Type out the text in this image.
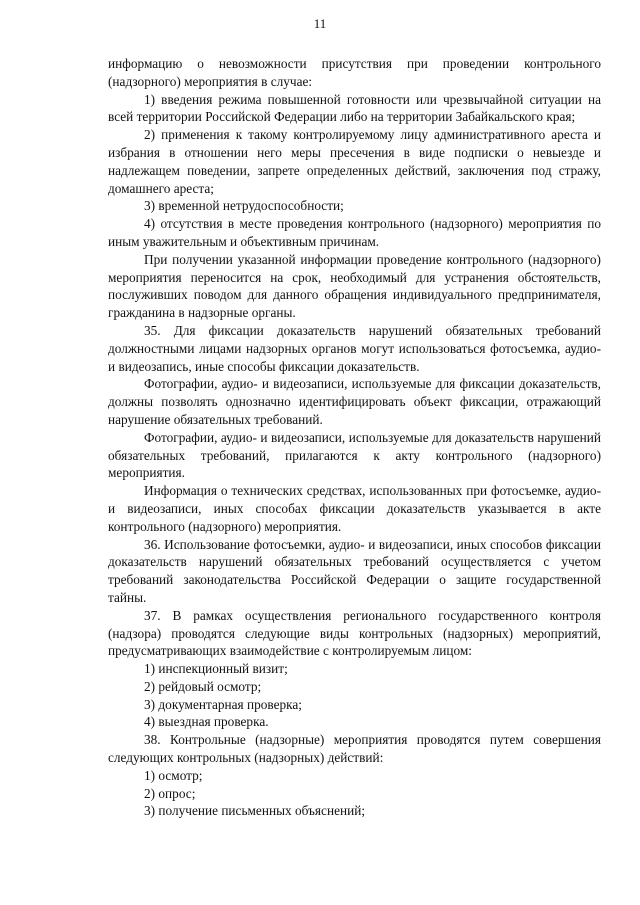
11

информацию о невозможности присутствия при проведении контрольного (надзорного) мероприятия в случае:

1) введения режима повышенной готовности или чрезвычайной ситуации на всей территории Российской Федерации либо на территории Забайкальского края;

2) применения к такому контролируемому лицу административного ареста и избрания в отношении него меры пресечения в виде подписки о невыезде и надлежащем поведении, запрете определенных действий, заключения под стражу, домашнего ареста;

3) временной нетрудоспособности;

4) отсутствия в месте проведения контрольного (надзорного) мероприятия по иным уважительным и объективным причинам.

При получении указанной информации проведение контрольного (надзорного) мероприятия переносится на срок, необходимый для устранения обстоятельств, послуживших поводом для данного обращения индивидуального предпринимателя, гражданина в надзорные органы.

35. Для фиксации доказательств нарушений обязательных требований должностными лицами надзорных органов могут использоваться фотосъемка, аудио- и видеозапись, иные способы фиксации доказательств.

Фотографии, аудио- и видеозаписи, используемые для фиксации доказательств, должны позволять однозначно идентифицировать объект фиксации, отражающий нарушение обязательных требований.

Фотографии, аудио- и видеозаписи, используемые для доказательств нарушений обязательных требований, прилагаются к акту контрольного (надзорного) мероприятия.

Информация о технических средствах, использованных при фотосъемке, аудио- и видеозаписи, иных способах фиксации доказательств указывается в акте контрольного (надзорного) мероприятия.

36. Использование фотосъемки, аудио- и видеозаписи, иных способов фиксации доказательств нарушений обязательных требований осуществляется с учетом требований законодательства Российской Федерации о защите государственной тайны.

37. В рамках осуществления регионального государственного контроля (надзора) проводятся следующие виды контрольных (надзорных) мероприятий, предусматривающих взаимодействие с контролируемым лицом:

1) инспекционный визит;

2) рейдовый осмотр;

3) документарная проверка;

4) выездная проверка.

38. Контрольные (надзорные) мероприятия проводятся путем совершения следующих контрольных (надзорных) действий:

1) осмотр;

2) опрос;

3) получение письменных объяснений;
